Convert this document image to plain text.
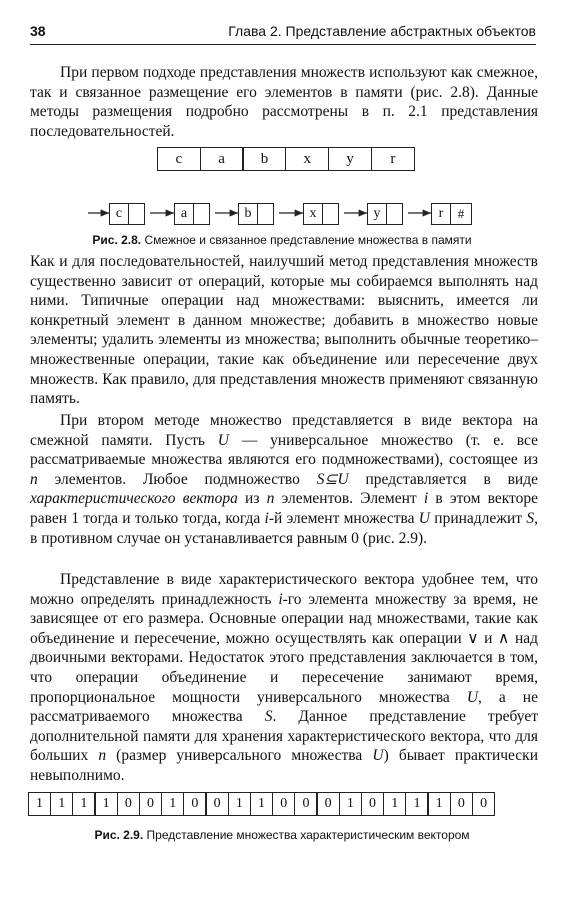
38	Глава 2. Представление абстрактных объектов

При первом подходе представления множеств используют как смежное, так и связанное размещение его элементов в памяти (рис. 2.8). Данные методы размещения подробно рассмотрены в п. 2.1 представления последовательностей.

c	a	b	x	y	r
c	a	b	x	y	r	#
Рис. 2.8. Смежное и связанное представление множества в памяти

Как и для последовательностей, наилучший метод представления множеств существенно зависит от операций, которые мы собираемся выполнять над ними. Типичные операции над множествами: выяснить, имеется ли конкретный элемент в данном множестве; добавить в множество новые элементы; удалить элементы из множества; выполнить обычные теоретико–множественные операции, такие как объединение или пересечение двух множеств. Как правило, для представления множеств применяют связанную память.

При втором методе множество представляется в виде вектора на смежной памяти. Пусть U — универсальное множество (т. е. все рассматриваемые множества являются его подмножествами), состоящее из n элементов. Любое подмножество S⊆U представляется в виде характеристического вектора из n элементов. Элемент i в этом векторе равен 1 тогда и только тогда, когда i-й элемент множества U принадлежит S, в противном случае он устанавливается равным 0 (рис. 2.9).

Представление в виде характеристического вектора удобнее тем, что можно определять принадлежность i-го элемента множеству за время, не зависящее от его размера. Основные операции над множествами, такие как объединение и пересечение, можно осуществлять как операции ∨ и ∧ над двоичными векторами. Недостаток этого представления заключается в том, что операции объединение и пересечение занимают время, пропорциональное мощности универсального множества U, а не рассматриваемого множества S. Данное представление требует дополнительной памяти для хранения характеристического вектора, что для больших n (размер универсального множества U) бывает практически невыполнимо.

1	1	1	1	0	0	1	0	0	1	1	0	0	0	1	0	1	1	1	0	0
Рис. 2.9. Представление множества характеристическим вектором
